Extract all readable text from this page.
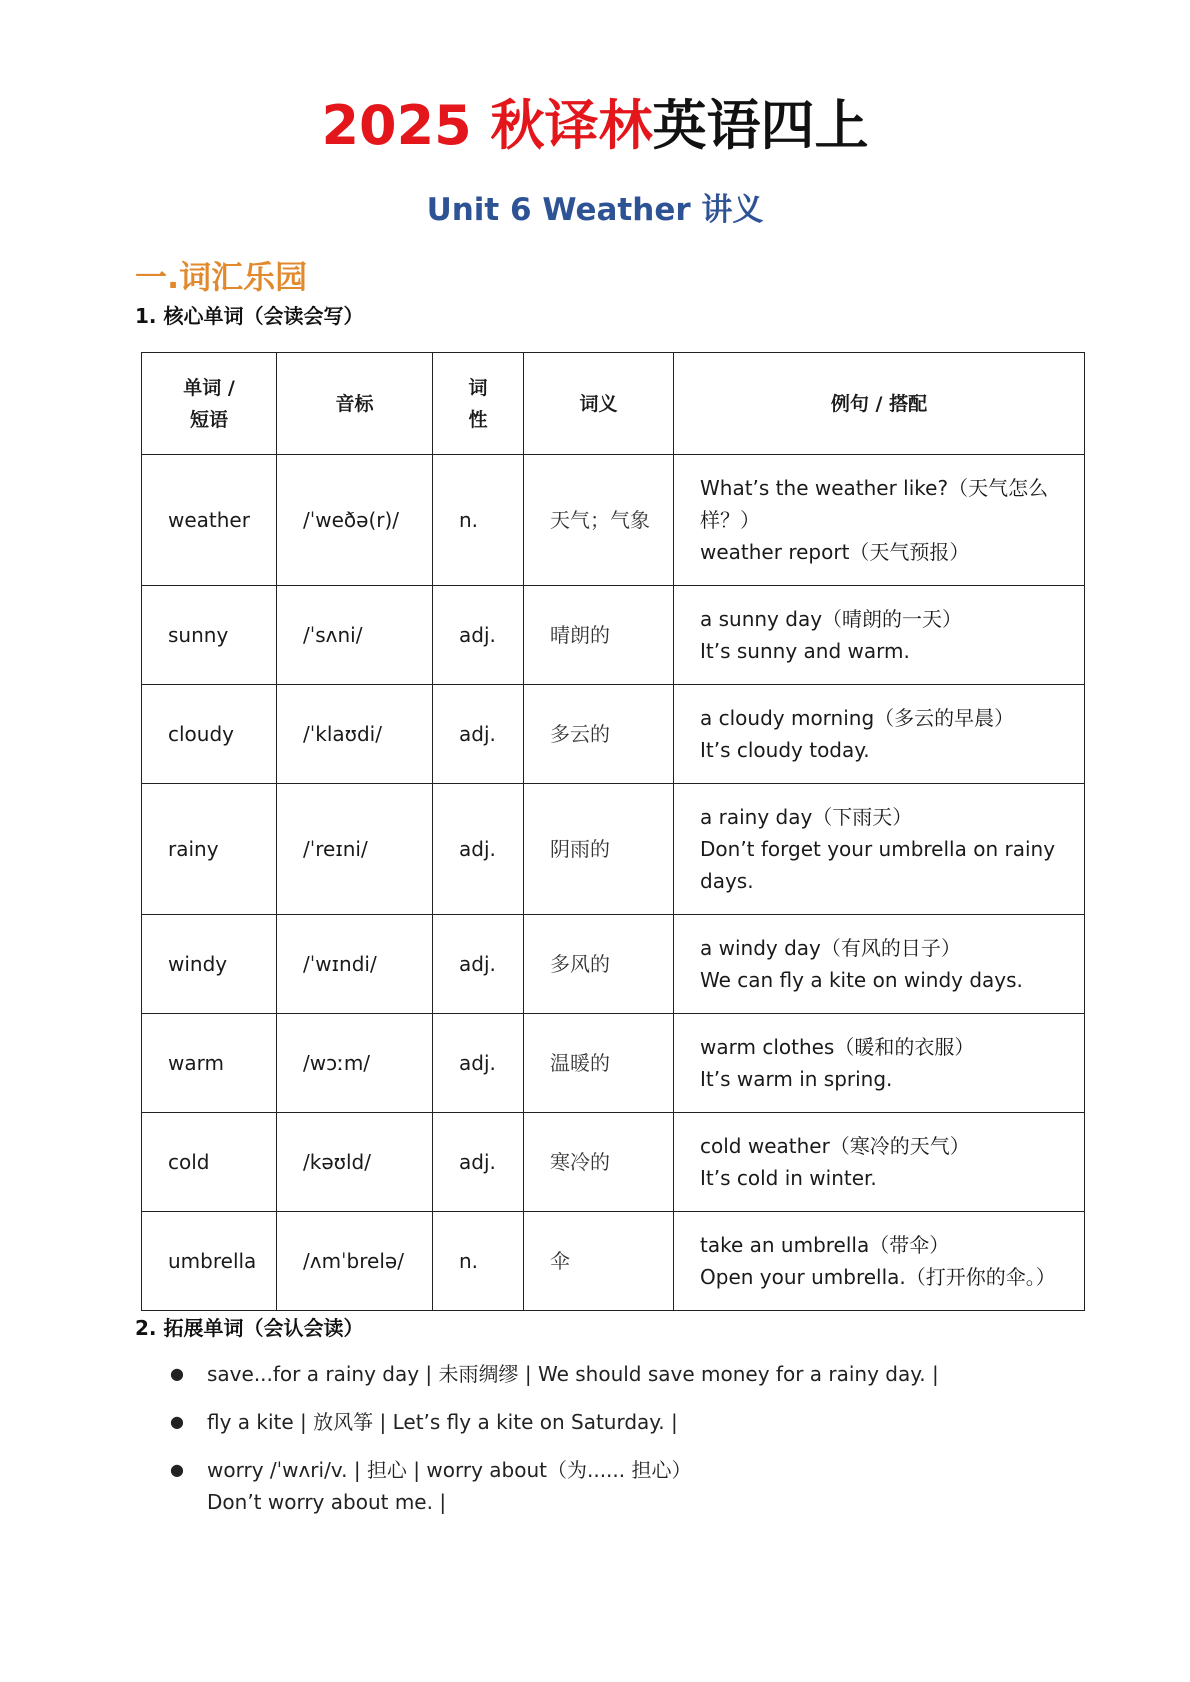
2025 秋译林英语四上
Unit 6 Weather 讲义
一.词汇乐园
1. 核心单词（会读会写）
单词 / 短语	音标	词性	词义	例句 / 搭配
weather	/ˈweðə(r)/	n.	天气；气象	What’s the weather like?（天气怎么样？）
weather report（天气预报）

sunny	/ˈsʌni/	adj.	晴朗的	a sunny day（晴朗的一天）
It’s sunny and warm.

cloudy	/ˈklaʊdi/	adj.	多云的	a cloudy morning（多云的早晨）
It’s cloudy today.

rainy	/ˈreɪni/	adj.	阴雨的	a rainy day（下雨天）
Don’t forget your umbrella on rainy days.

windy	/ˈwɪndi/	adj.	多风的	a windy day（有风的日子）
We can fly a kite on windy days.

warm	/wɔːm/	adj.	温暖的	warm clothes（暖和的衣服）
It’s warm in spring.

cold	/kəʊld/	adj.	寒冷的	cold weather（寒冷的天气）
It’s cold in winter.

umbrella	/ʌmˈbrelə/	n.	伞	take an umbrella（带伞）
Open your umbrella.（打开你的伞。）
2. 拓展单词（会认会读）
●	save...for a rainy day | 未雨绸缪 | We should save money for a rainy day. |
●	fly a kite | 放风筝 | Let’s fly a kite on Saturday. |
●	worry /ˈwʌri/v. | 担心 | worry about（为...... 担心）
Don’t worry about me. |
